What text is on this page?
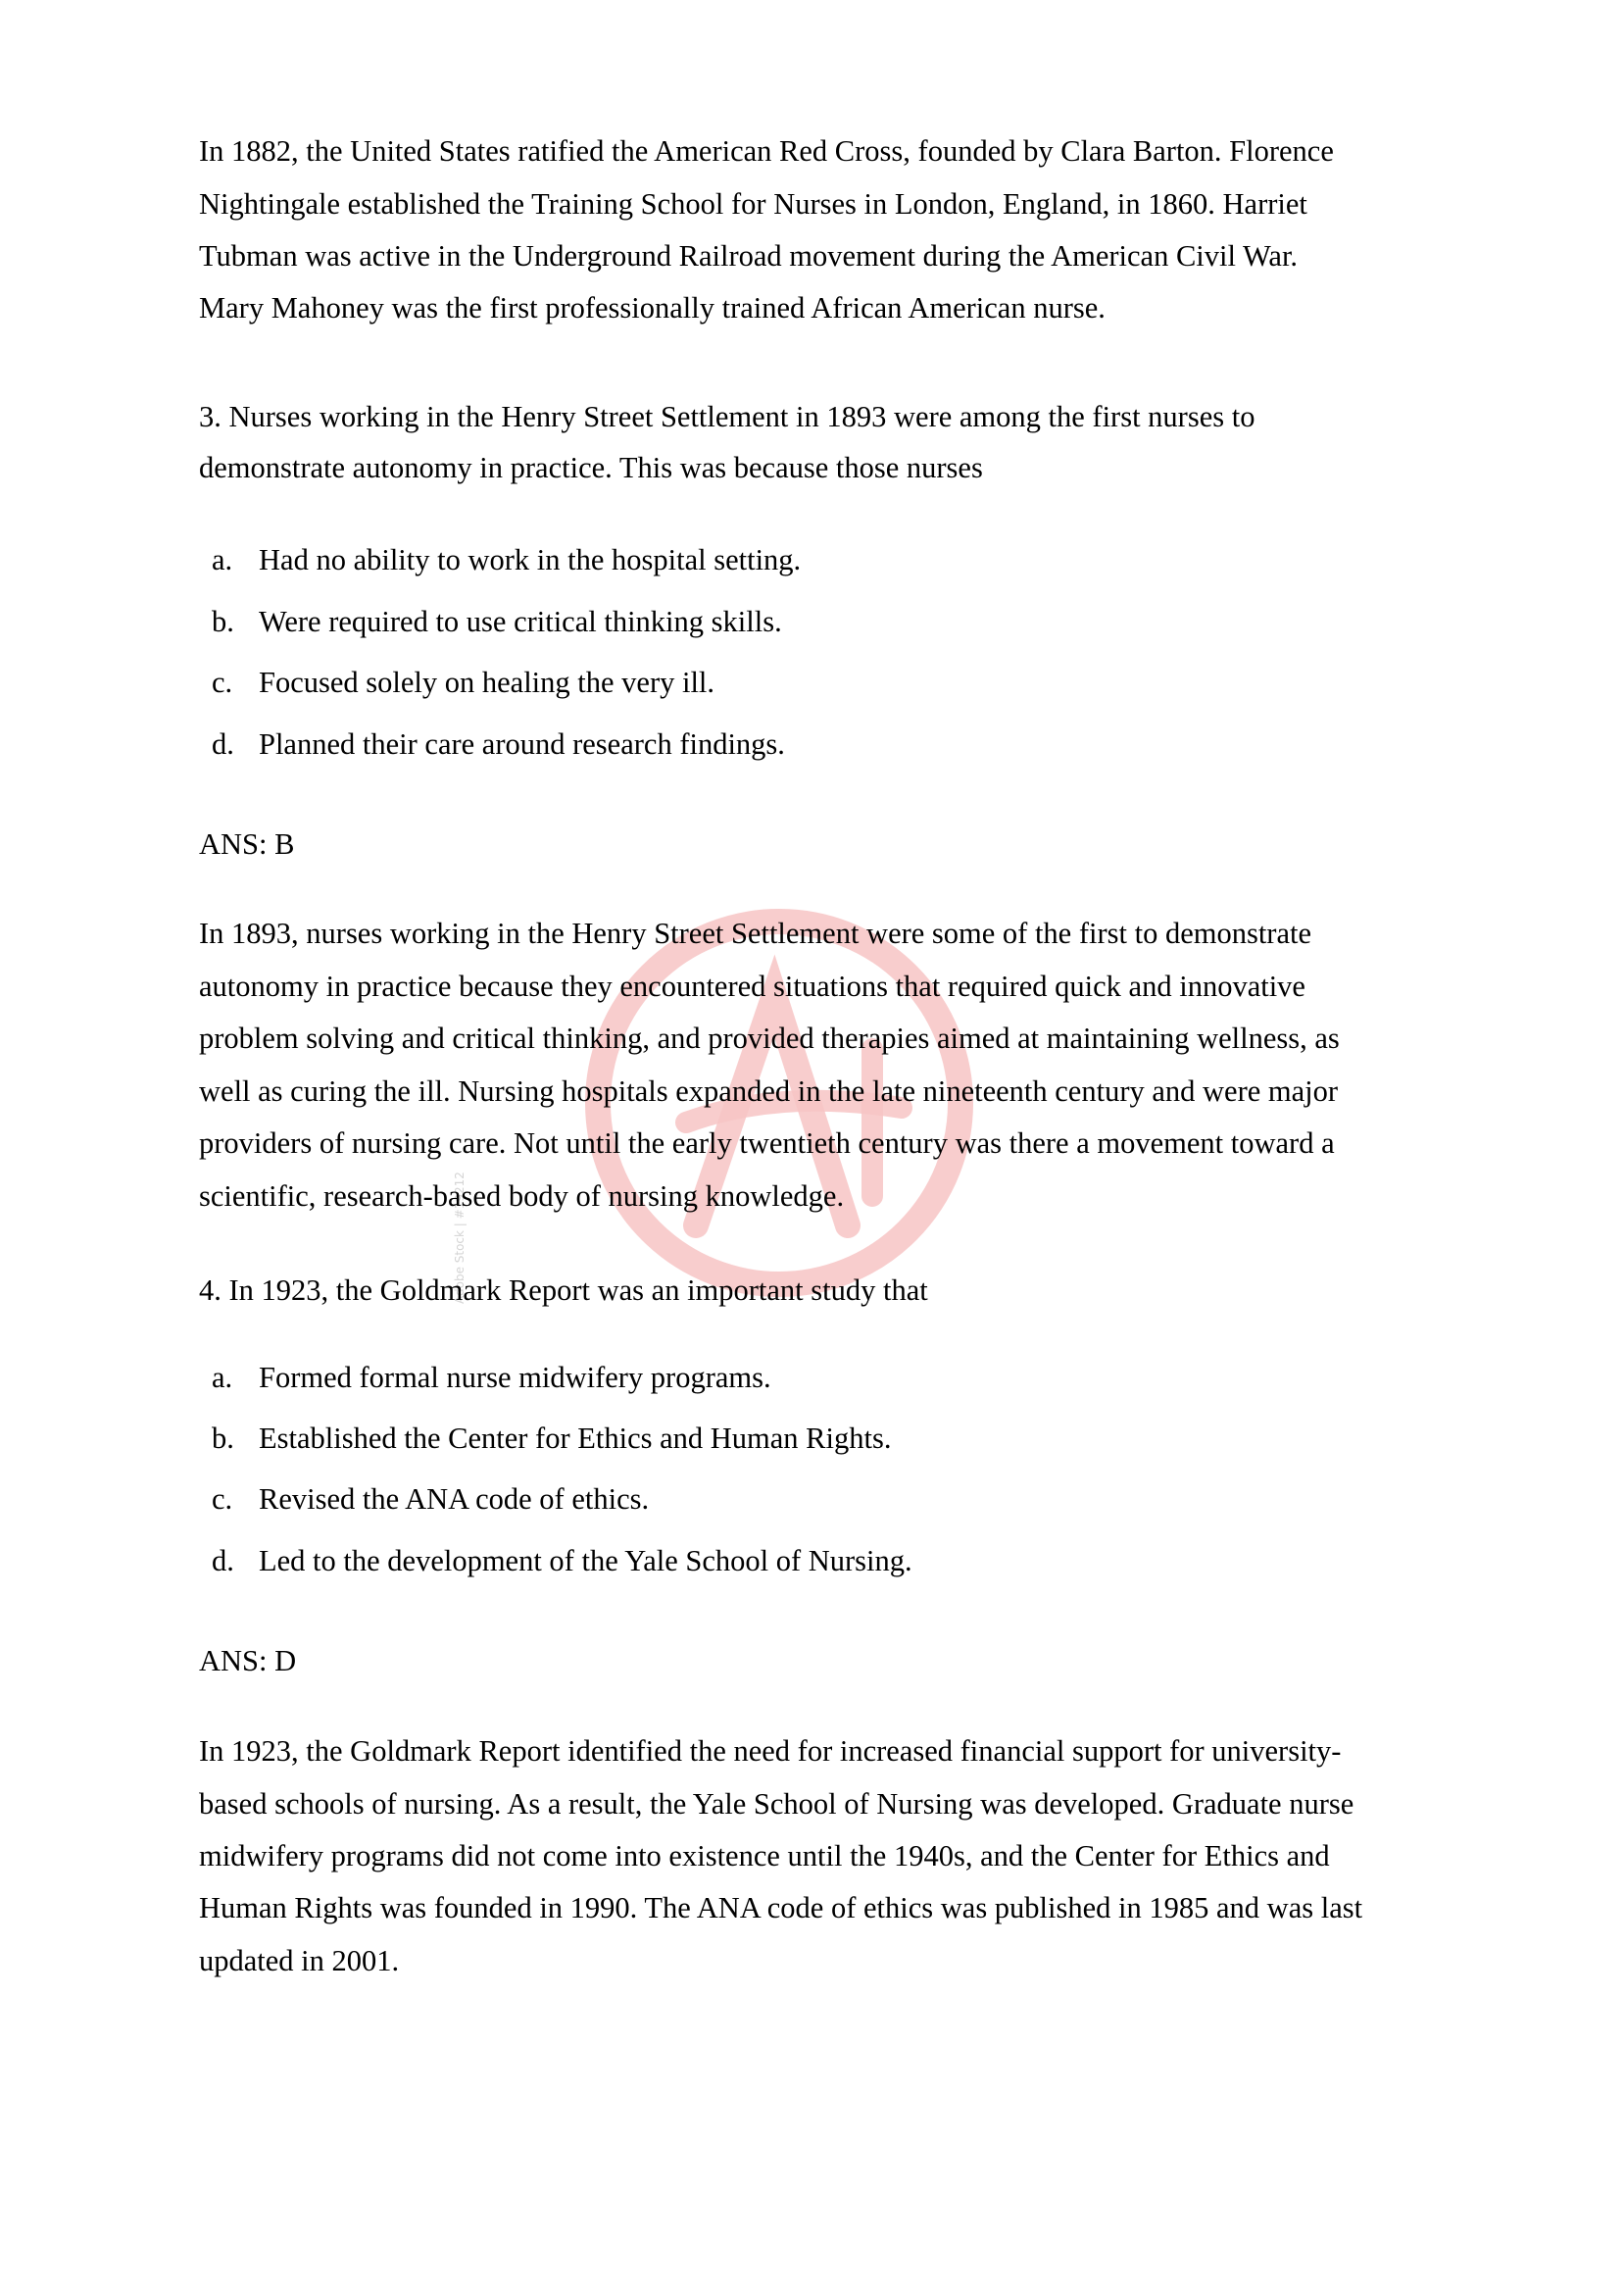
Adobe Stock | #19212
In 1882, the United States ratified the American Red Cross, founded by Clara Barton. Florence
Nightingale established the Training School for Nurses in London, England, in 1860. Harriet
Tubman was active in the Underground Railroad movement during the American Civil War.
Mary Mahoney was the first professionally trained African American nurse.
3. Nurses working in the Henry Street Settlement in 1893 were among the first nurses to
demonstrate autonomy in practice. This was because those nurses
a. Had no ability to work in the hospital setting.
b. Were required to use critical thinking skills.
c. Focused solely on healing the very ill.
d. Planned their care around research findings.
ANS: B
In 1893, nurses working in the Henry Street Settlement were some of the first to demonstrate
autonomy in practice because they encountered situations that required quick and innovative
problem solving and critical thinking, and provided therapies aimed at maintaining wellness, as
well as curing the ill. Nursing hospitals expanded in the late nineteenth century and were major
providers of nursing care. Not until the early twentieth century was there a movement toward a
scientific, research-based body of nursing knowledge.
4. In 1923, the Goldmark Report was an important study that
a. Formed formal nurse midwifery programs.
b. Established the Center for Ethics and Human Rights.
c. Revised the ANA code of ethics.
d. Led to the development of the Yale School of Nursing.
ANS: D
In 1923, the Goldmark Report identified the need for increased financial support for university-
based schools of nursing. As a result, the Yale School of Nursing was developed. Graduate nurse
midwifery programs did not come into existence until the 1940s, and the Center for Ethics and
Human Rights was founded in 1990. The ANA code of ethics was published in 1985 and was last
updated in 2001.
